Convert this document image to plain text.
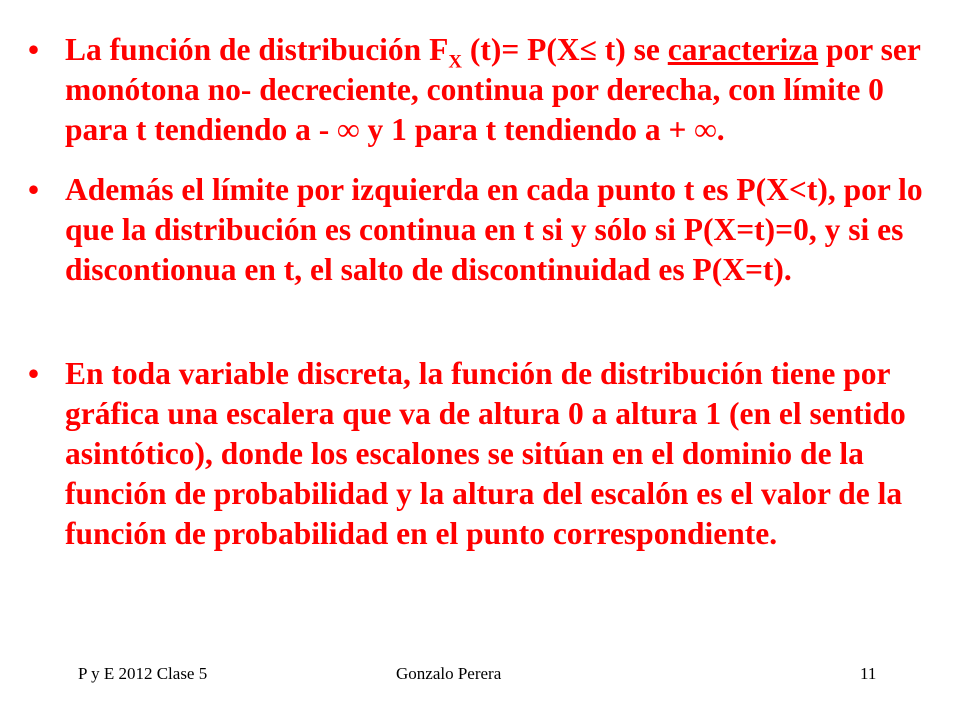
• La función de distribución $F_X$ (t)= P(X≤ t) se caracteriza por ser monótona no- decreciente, continua por derecha, con límite 0 para t tendiendo a - ∞ y 1 para t tendiendo a + ∞.
• Además el límite por izquierda en cada punto t es P(X<t), por lo que la distribución es continua en t si y sólo si P(X=t)=0, y si es discontionua en t, el salto de discontinuidad es P(X=t).
• En toda variable discreta, la función de distribución tiene por gráfica una escalera que va de altura 0 a altura 1 (en el sentido asintótico), donde los escalones se sitúan en el dominio de la función de probabilidad y la altura del escalón es el valor de la función de probabilidad en el punto correspondiente.
P y E 2012 Clase 5	Gonzalo Perera	11
